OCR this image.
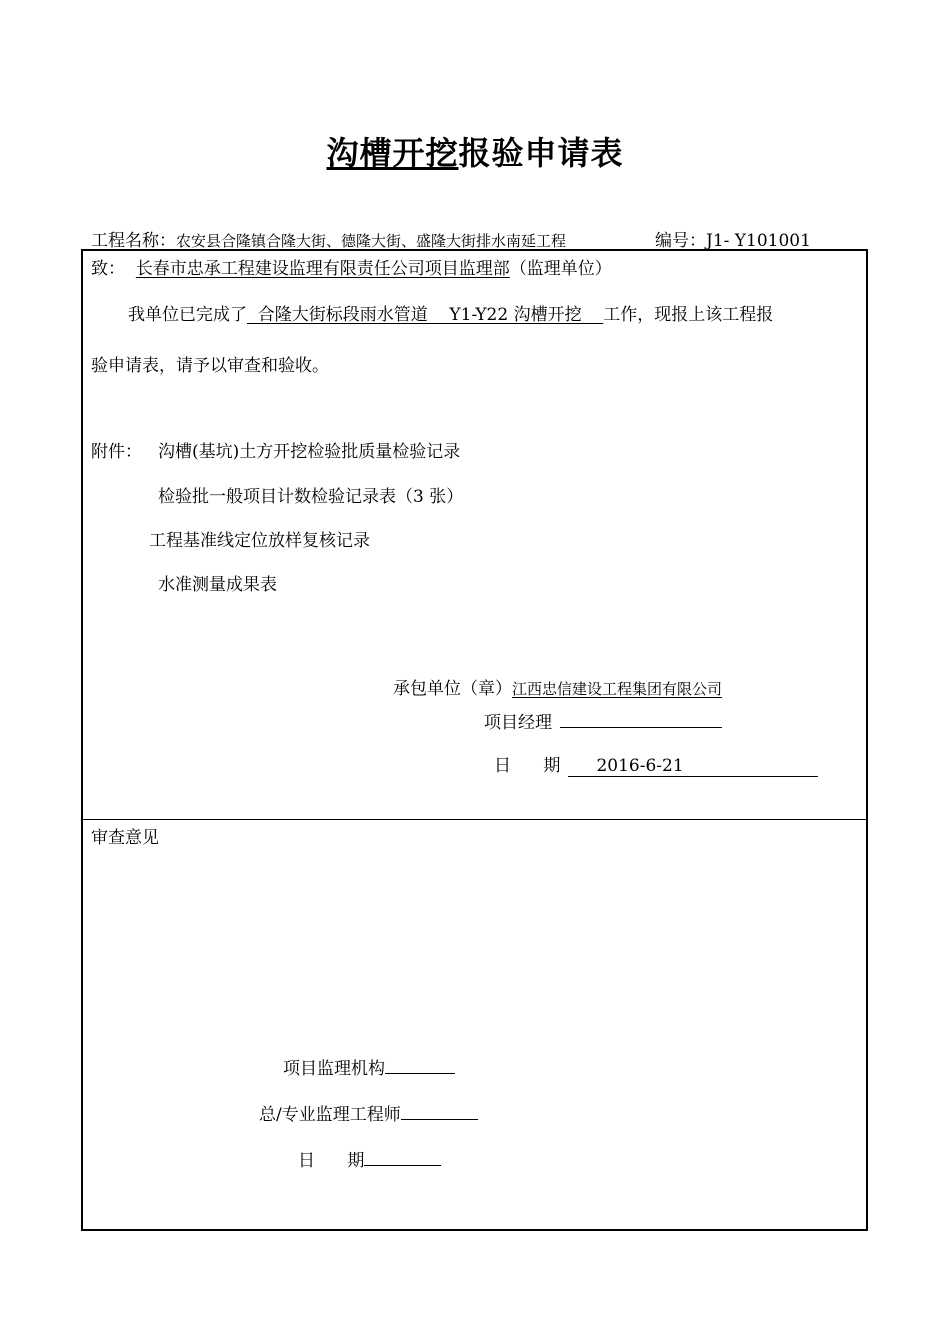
沟槽开挖报验申请表
工程名称：农安县合隆镇合隆大街、德隆大街、盛隆大街排水南延工程	编号：J1- Y101001
致： 长春市忠承工程建设监理有限责任公司项目监理部（监理单位）
我单位已完成了  合隆大街标段雨水管道    Y1-Y22 沟槽开挖    工作，现报上该工程报
验申请表，请予以审查和验收。
附件： 沟槽(基坑)土方开挖检验批质量检验记录
检验批一般项目计数检验记录表（3 张）
工程基准线定位放样复核记录
水准测量成果表
承包单位（章）江西忠信建设工程集团有限公司
项目经理
日      期 2016-6-21
审查意见
项目监理机构
总/专业监理工程师
日      期
